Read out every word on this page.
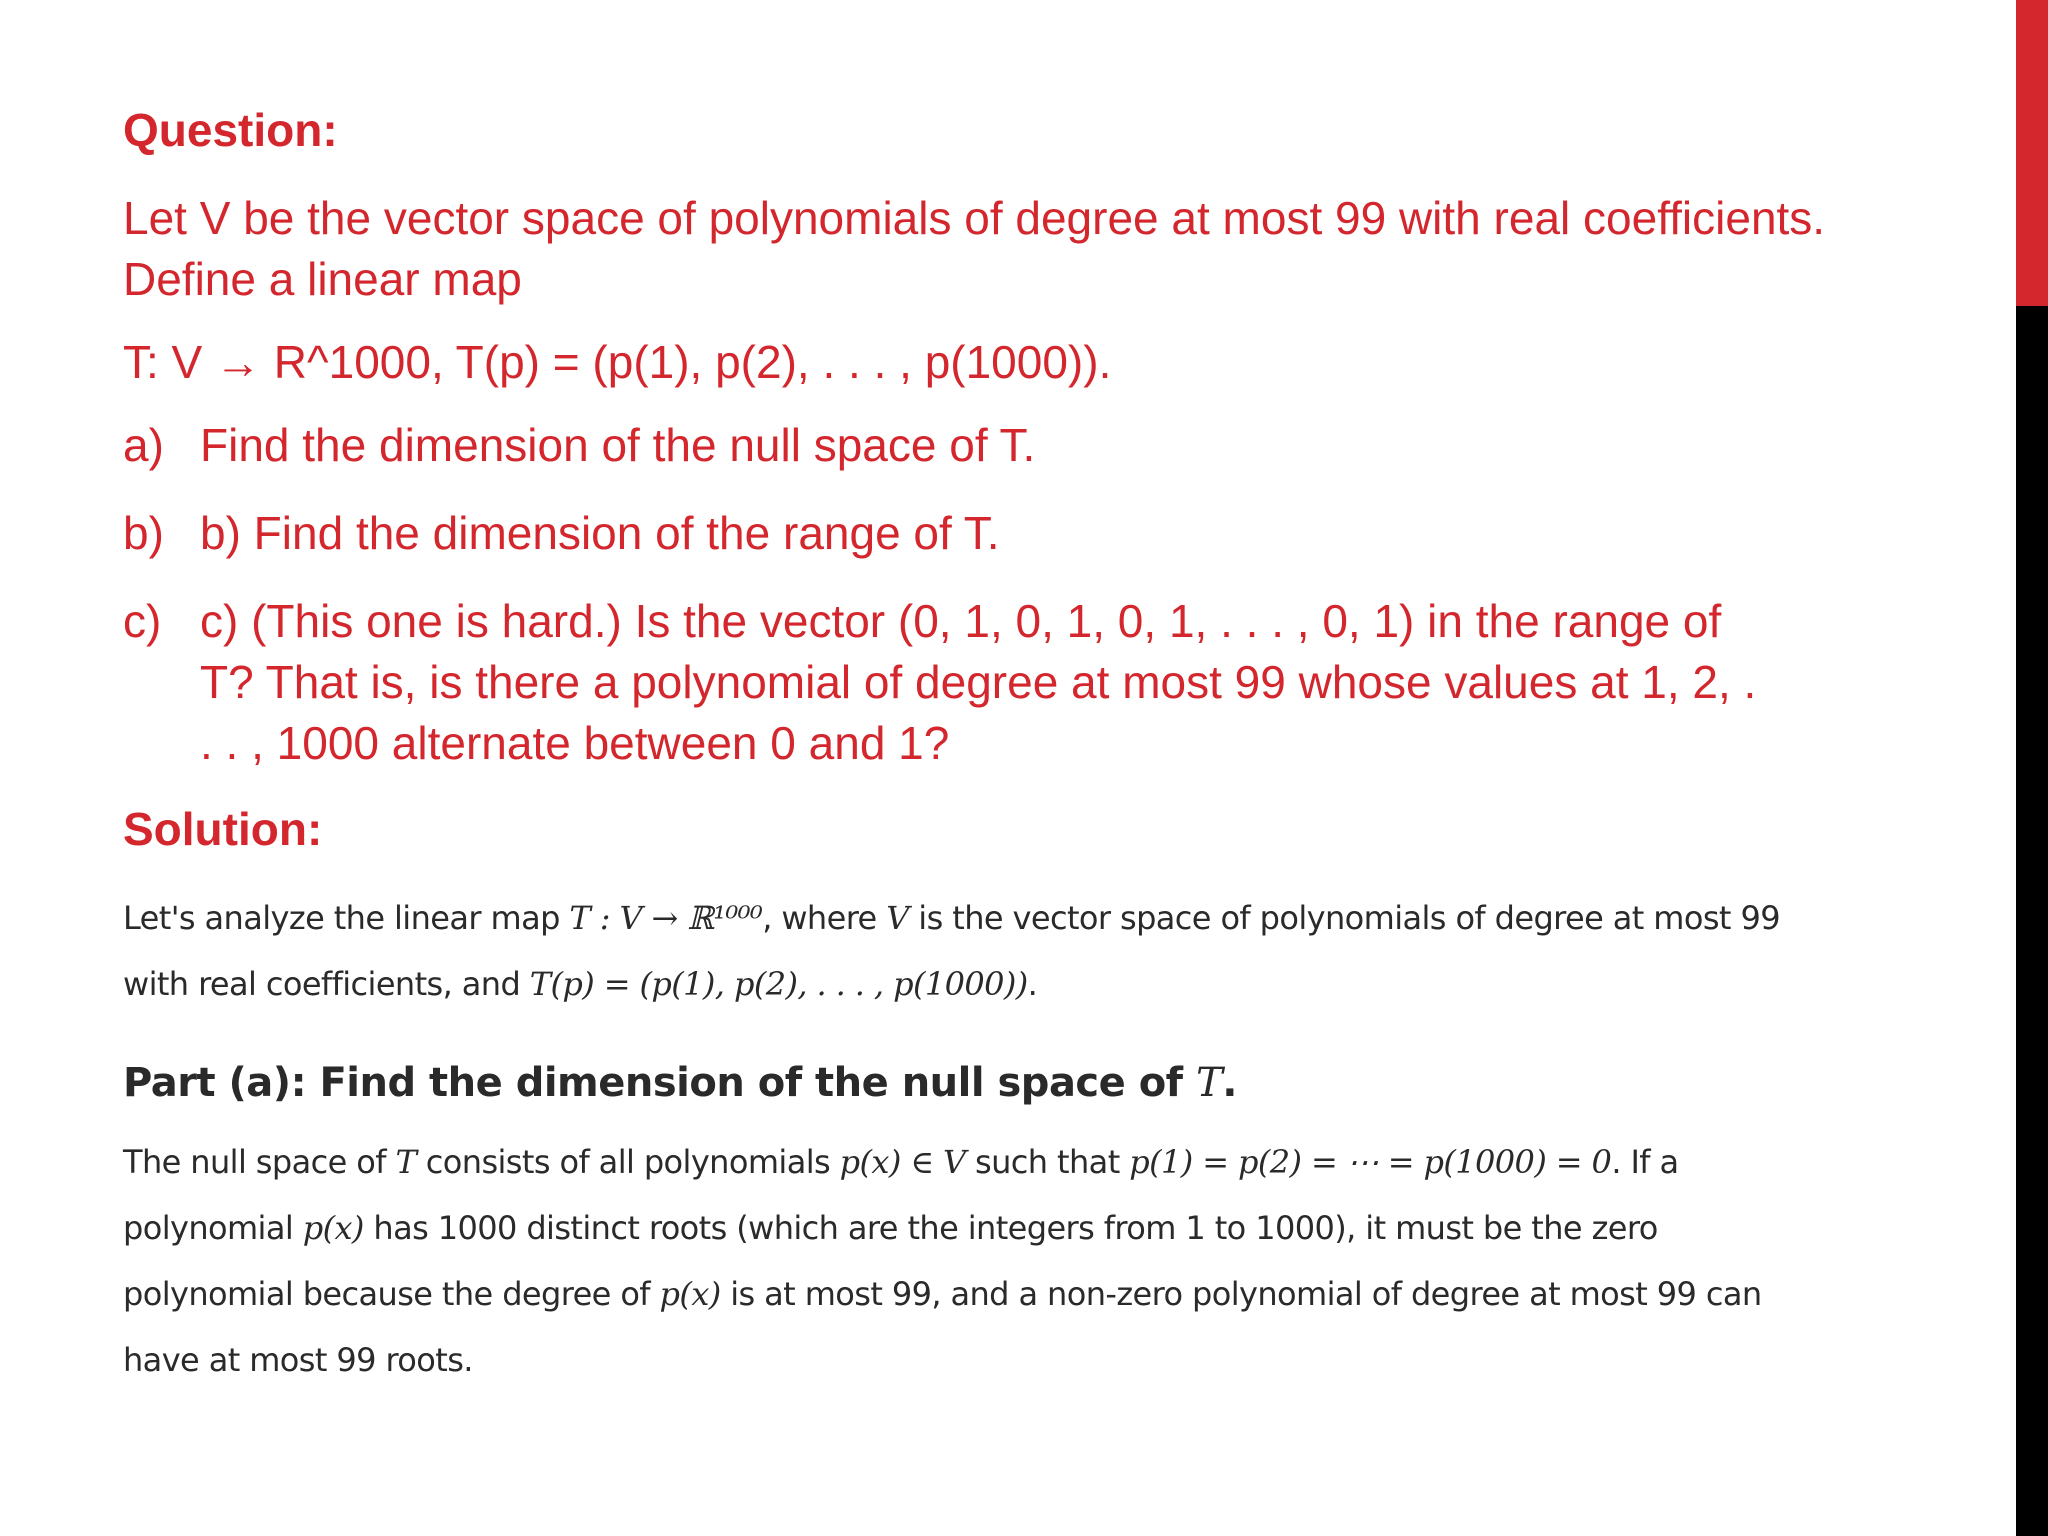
Question:

Let V be the vector space of polynomials of degree at most 99 with real coefficients. Define a linear map

T: V → R^1000, T(p) = (p(1), p(2), . . . , p(1000)).

a) Find the dimension of the null space of T.
b) b) Find the dimension of the range of T.
c) c) (This one is hard.) Is the vector (0, 1, 0, 1, 0, 1, . . . , 0, 1) in the range of T? That is, is there a polynomial of degree at most 99 whose values at 1, 2, . . . , 1000 alternate between 0 and 1?

Solution:

Let's analyze the linear map T : V → ℝ¹⁰⁰⁰, where V is the vector space of polynomials of degree at most 99 with real coefficients, and T(p) = (p(1), p(2), . . . , p(1000)).

Part (a): Find the dimension of the null space of T.

The null space of T consists of all polynomials p(x) ∈ V such that p(1) = p(2) = ⋯ = p(1000) = 0. If a polynomial p(x) has 1000 distinct roots (which are the integers from 1 to 1000), it must be the zero polynomial because the degree of p(x) is at most 99, and a non-zero polynomial of degree at most 99 can have at most 99 roots.
